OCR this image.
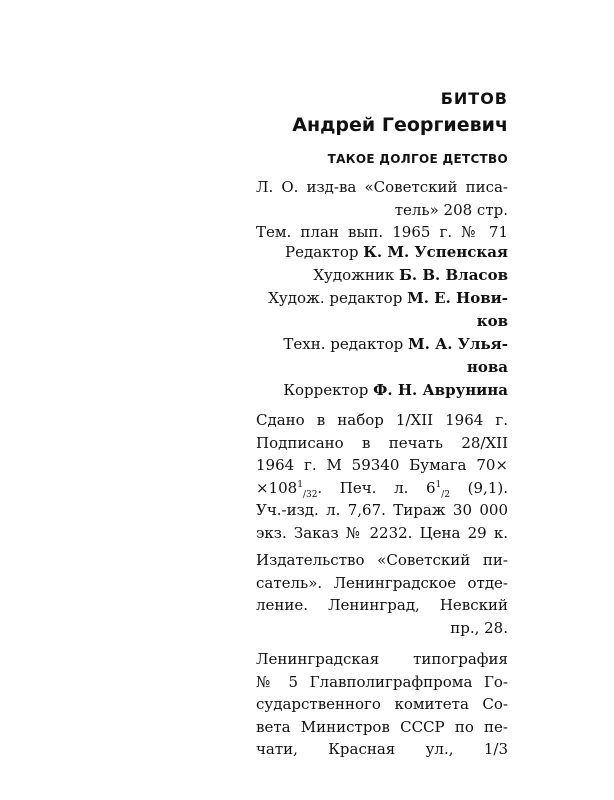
БИТОВ
Андрей Георгиевич
ТАКОЕ ДОЛГОЕ ДЕТСТВО
Л. О. изд-ва «Советский писа-
тель» 208 стр.
Тем. план вып. 1965 г. № 71
Редактор К. М. Успенская
Художник Б. В. Власов
Худож. редактор М. Е. Нови-
ков
Техн. редактор М. А. Улья-
нова
Корректор Ф. Н. Аврунина
Сдано в набор 1/XII 1964 г.
Подписано в печать 28/XII
1964 г. М 59340 Бумага 70×
$\times 108^1_{/32}$. Печ. л. $6^1_{/2}$ (9,1).
Уч.-изд. л. 7,67. Тираж 30 000
экз. Заказ № 2232. Цена 29 к.
Издательство «Советский пи-
сатель». Ленинградское отде-
ление. Ленинград, Невский
пр., 28.
Ленинградская типография
№ 5 Главполиграфпрома Го-
сударственного комитета Со-
вета Министров СССР по пе-
чати, Красная ул., 1/3
